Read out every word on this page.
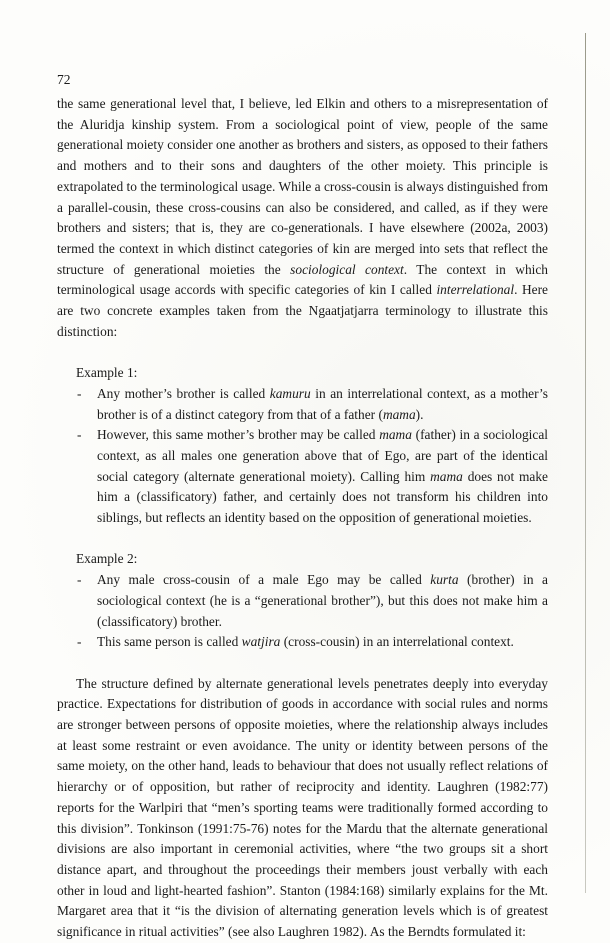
72

the same generational level that, I believe, led Elkin and others to a misrepresentation of the Aluridja kinship system. From a sociological point of view, people of the same generational moiety consider one another as brothers and sisters, as opposed to their fathers and mothers and to their sons and daughters of the other moiety. This principle is extrapolated to the terminological usage. While a cross-cousin is always distinguished from a parallel-cousin, these cross-cousins can also be considered, and called, as if they were brothers and sisters; that is, they are co-generationals. I have elsewhere (2002a, 2003) termed the context in which distinct categories of kin are merged into sets that reflect the structure of generational moieties the sociological context. The context in which terminological usage accords with specific categories of kin I called interrelational. Here are two concrete examples taken from the Ngaatjatjarra terminology to illustrate this distinction:

Example 1:
- Any mother’s brother is called kamuru in an interrelational context, as a mother’s brother is of a distinct category from that of a father (mama).
- However, this same mother’s brother may be called mama (father) in a sociological context, as all males one generation above that of Ego, are part of the identical social category (alternate generational moiety). Calling him mama does not make him a (classificatory) father, and certainly does not transform his children into siblings, but reflects an identity based on the opposition of generational moieties.
Example 2:
- Any male cross-cousin of a male Ego may be called kurta (brother) in a sociological context (he is a “generational brother”), but this does not make him a (classificatory) brother.
- This same person is called watjira (cross-cousin) in an interrelational context.

The structure defined by alternate generational levels penetrates deeply into everyday practice. Expectations for distribution of goods in accordance with social rules and norms are stronger between persons of opposite moieties, where the relationship always includes at least some restraint or even avoidance. The unity or identity between persons of the same moiety, on the other hand, leads to behaviour that does not usually reflect relations of hierarchy or of opposition, but rather of reciprocity and identity. Laughren (1982:77) reports for the Warlpiri that “men’s sporting teams were traditionally formed according to this division”. Tonkinson (1991:75-76) notes for the Mardu that the alternate generational divisions are also important in ceremonial activities, where “the two groups sit a short distance apart, and throughout the proceedings their members joust verbally with each other in loud and light-hearted fashion”. Stanton (1984:168) similarly explains for the Mt. Margaret area that it “is the division of alternating generation levels which is of greatest significance in ritual activities” (see also Laughren 1982). As the Berndts formulated it:
